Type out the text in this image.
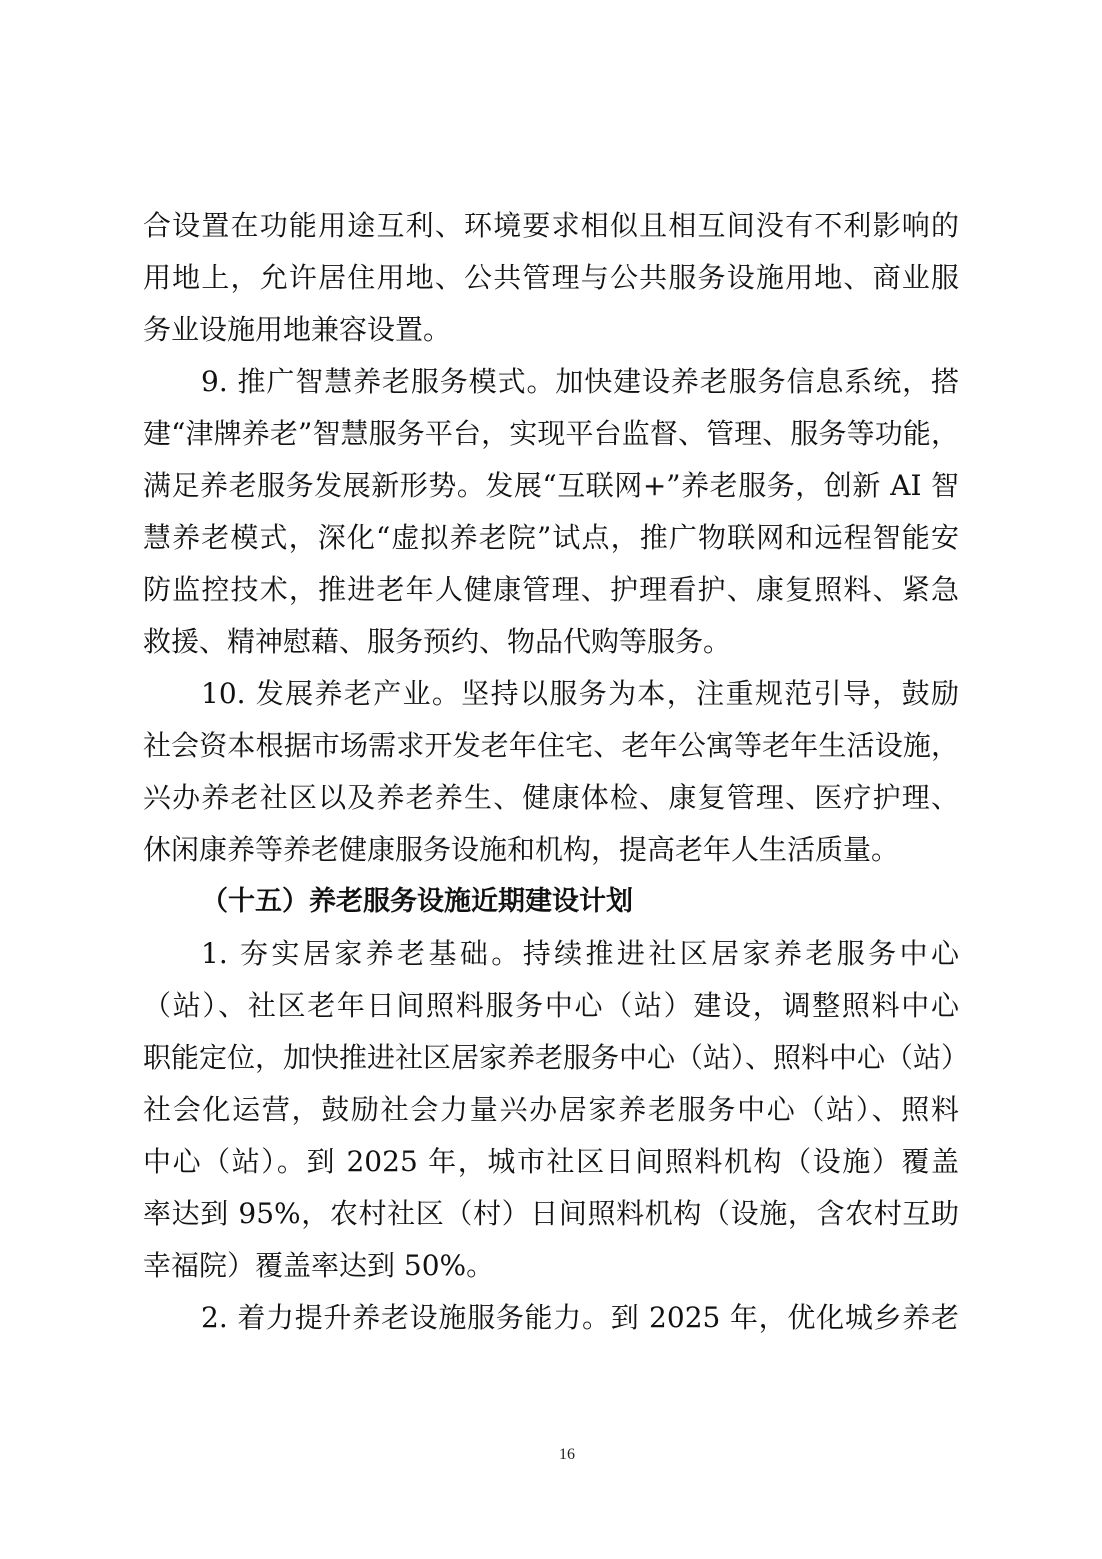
合设置在功能用途互利、环境要求相似且相互间没有不利影响的
用地上，允许居住用地、公共管理与公共服务设施用地、商业服
务业设施用地兼容设置。
9. 推广智慧养老服务模式。加快建设养老服务信息系统，搭
建“津牌养老”智慧服务平台，实现平台监督、管理、服务等功能，
满足养老服务发展新形势。发展“互联网+”养老服务，创新 AI 智
慧养老模式，深化“虚拟养老院”试点，推广物联网和远程智能安
防监控技术，推进老年人健康管理、护理看护、康复照料、紧急
救援、精神慰藉、服务预约、物品代购等服务。
10. 发展养老产业。坚持以服务为本，注重规范引导，鼓励
社会资本根据市场需求开发老年住宅、老年公寓等老年生活设施，
兴办养老社区以及养老养生、健康体检、康复管理、医疗护理、
休闲康养等养老健康服务设施和机构，提高老年人生活质量。
（十五）养老服务设施近期建设计划
1. 夯实居家养老基础。持续推进社区居家养老服务中心
（站）、社区老年日间照料服务中心（站）建设，调整照料中心
职能定位，加快推进社区居家养老服务中心（站）、照料中心（站）
社会化运营，鼓励社会力量兴办居家养老服务中心（站）、照料
中心（站）。到 2025 年，城市社区日间照料机构（设施）覆盖
率达到 95%，农村社区（村）日间照料机构（设施，含农村互助
幸福院）覆盖率达到 50%。
2. 着力提升养老设施服务能力。到 2025 年，优化城乡养老
16
